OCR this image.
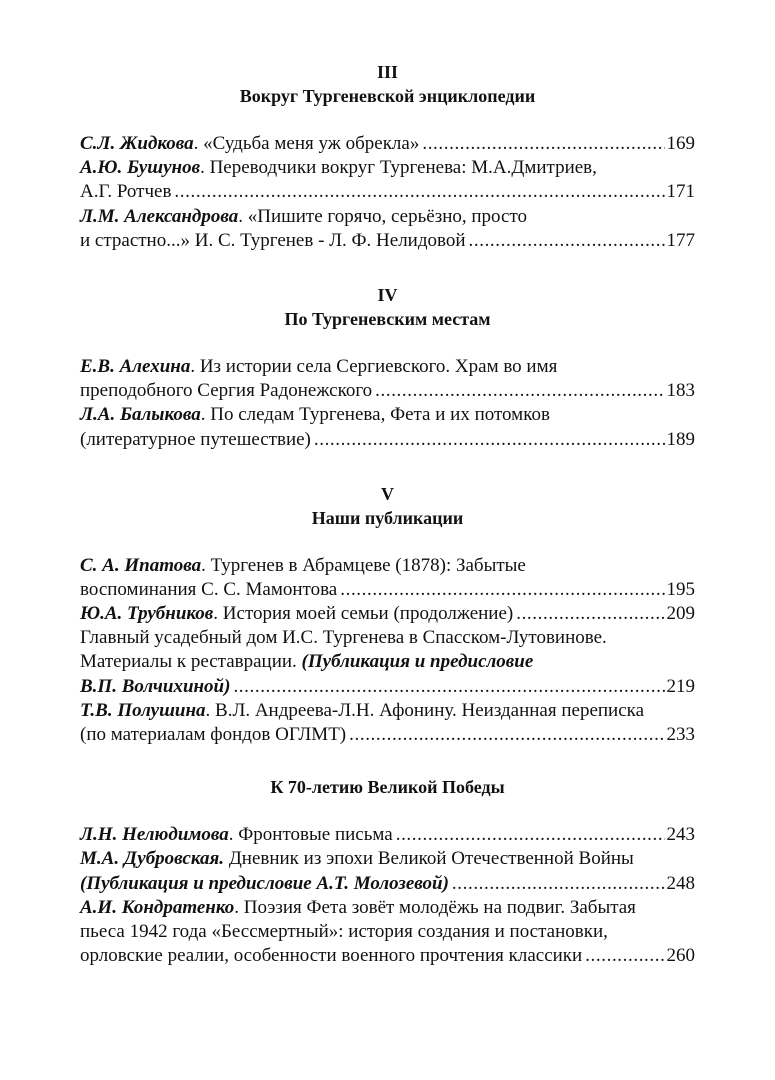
III
Вокруг Тургеневской энциклопедии
С.Л. Жидкова. «Судьба меня уж обрекла» .....	169
А.Ю. Бушунов. Переводчики вокруг Тургенева: М.А.Дмитриев,
А.Г. Ротчев .....	171
Л.М. Александрова. «Пишите горячо, серьёзно, просто
и страстно...» И. С. Тургенев - Л. Ф. Нелидовой .....	177
IV
По Тургеневским местам
Е.В. Алехина. Из истории села Сергиевского. Храм во имя
преподобного Сергия Радонежского .....	183
Л.А. Балыкова. По следам Тургенева, Фета и их потомков
(литературное путешествие) .....	189
V
Наши публикации
С. А. Ипатова. Тургенев в Абрамцеве (1878): Забытые
воспоминания С. С. Мамонтова .....	195
Ю.А. Трубников. История моей семьи (продолжение) .....	209
Главный усадебный дом И.С. Тургенева в Спасском-Лутовинове.
Материалы к реставрации. (Публикация и предисловие
В.П. Волчихиной) .....	219
Т.В. Полушина. В.Л. Андреева-Л.Н. Афонину. Неизданная переписка
(по материалам фондов ОГЛМТ) .....	233
К 70-летию Великой Победы
Л.Н. Нелюдимова. Фронтовые письма .....	243
М.А. Дубровская. Дневник из эпохи Великой Отечественной Войны
(Публикация и предисловие А.Т. Молозевой) .....	248
А.И. Кондратенко. Поэзия Фета зовёт молодёжь на подвиг. Забытая
пьеса 1942 года «Бессмертный»: история создания и постановки,
орловские реалии, особенности военного прочтения классики .....	260
